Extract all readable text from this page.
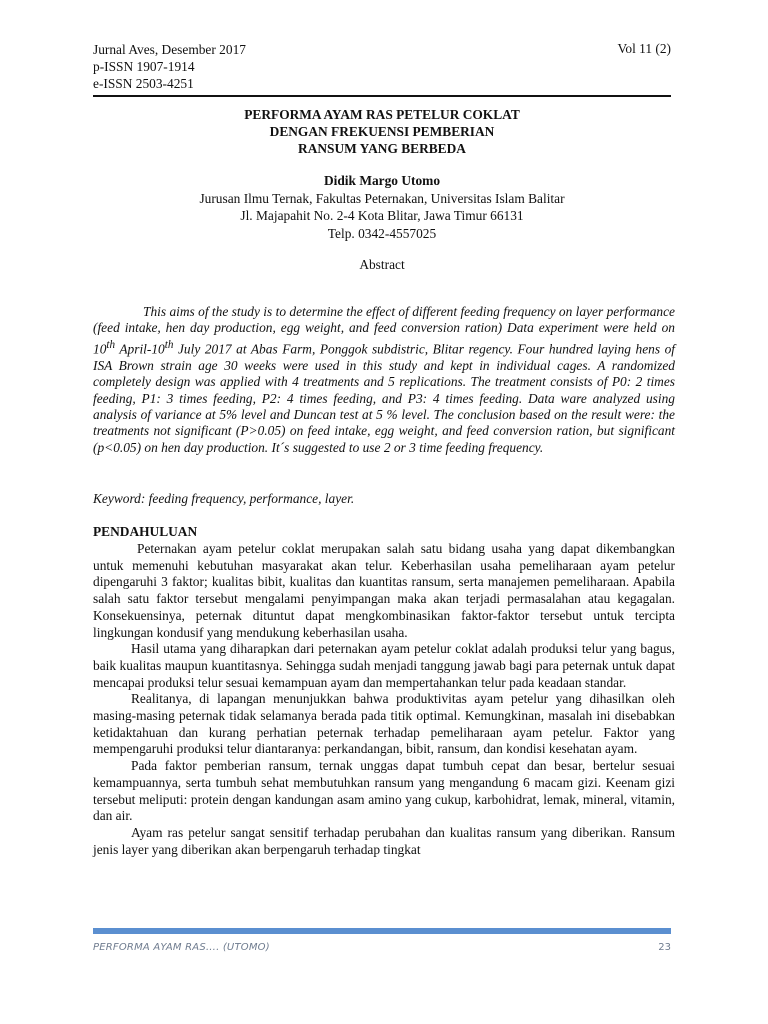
Jurnal Aves, Desember 2017
p-ISSN 1907-1914
e-ISSN 2503-4251
Vol 11 (2)
PERFORMA AYAM RAS PETELUR COKLAT
DENGAN FREKUENSI PEMBERIAN
RANSUM YANG BERBEDA
Didik Margo Utomo
Jurusan Ilmu Ternak, Fakultas Peternakan, Universitas Islam Balitar
Jl. Majapahit No. 2-4 Kota Blitar, Jawa Timur 66131
Telp. 0342-4557025
Abstract

This aims of the study is to determine the effect of different feeding frequency on layer performance (feed intake, hen day production, egg weight, and feed conversion ration) Data experiment were held on 10th April-10th July 2017 at Abas Farm, Ponggok subdistric, Blitar regency. Four hundred laying hens of ISA Brown strain age 30 weeks were used in this study and kept in individual cages. A randomized completely design was applied with 4 treatments and 5 replications. The treatment consists of P0: 2 times feeding, P1: 3 times feeding, P2: 4 times feeding, and P3: 4 times feeding. Data ware analyzed using analysis of variance at 5% level and Duncan test at 5 % level. The conclusion based on the result were: the treatments not significant (P>0.05) on feed intake, egg weight, and feed conversion ration, but significant (p<0.05) on hen day production. It´s suggested to use 2 or 3 time feeding frequency.

Keyword: feeding frequency, performance, layer.
PENDAHULUAN

Peternakan ayam petelur coklat merupakan salah satu bidang usaha yang dapat dikembangkan untuk memenuhi kebutuhan masyarakat akan telur. Keberhasilan usaha pemeliharaan ayam petelur dipengaruhi 3 faktor; kualitas bibit, kualitas dan kuantitas ransum, serta manajemen pemeliharaan. Apabila salah satu faktor tersebut mengalami penyimpangan maka akan terjadi permasalahan atau kegagalan. Konsekuensinya, peternak dituntut dapat mengkombinasikan faktor-faktor tersebut untuk tercipta lingkungan kondusif yang mendukung keberhasilan usaha.

Hasil utama yang diharapkan dari peternakan ayam petelur coklat adalah produksi telur yang bagus, baik kualitas maupun kuantitasnya. Sehingga sudah menjadi tanggung jawab bagi para peternak untuk dapat mencapai produksi telur sesuai kemampuan ayam dan mempertahankan telur pada keadaan standar.

Realitanya, di lapangan menunjukkan bahwa produktivitas ayam petelur yang dihasilkan oleh masing-masing peternak tidak selamanya berada pada titik optimal. Kemungkinan, masalah ini disebabkan ketidaktahuan dan kurang perhatian peternak terhadap pemeliharaan ayam petelur. Faktor yang mempengaruhi produksi telur diantaranya: perkandangan, bibit, ransum, dan kondisi kesehatan ayam.

Pada faktor pemberian ransum, ternak unggas dapat tumbuh cepat dan besar, bertelur sesuai kemampuannya, serta tumbuh sehat membutuhkan ransum yang mengandung 6 macam gizi. Keenam gizi tersebut meliputi: protein dengan kandungan asam amino yang cukup, karbohidrat, lemak, mineral, vitamin, dan air.

Ayam ras petelur sangat sensitif terhadap perubahan dan kualitas ransum yang diberikan. Ransum jenis layer yang diberikan akan berpengaruh terhadap tingkat

PERFORMA AYAM RAS…. (UTOMO)	23
